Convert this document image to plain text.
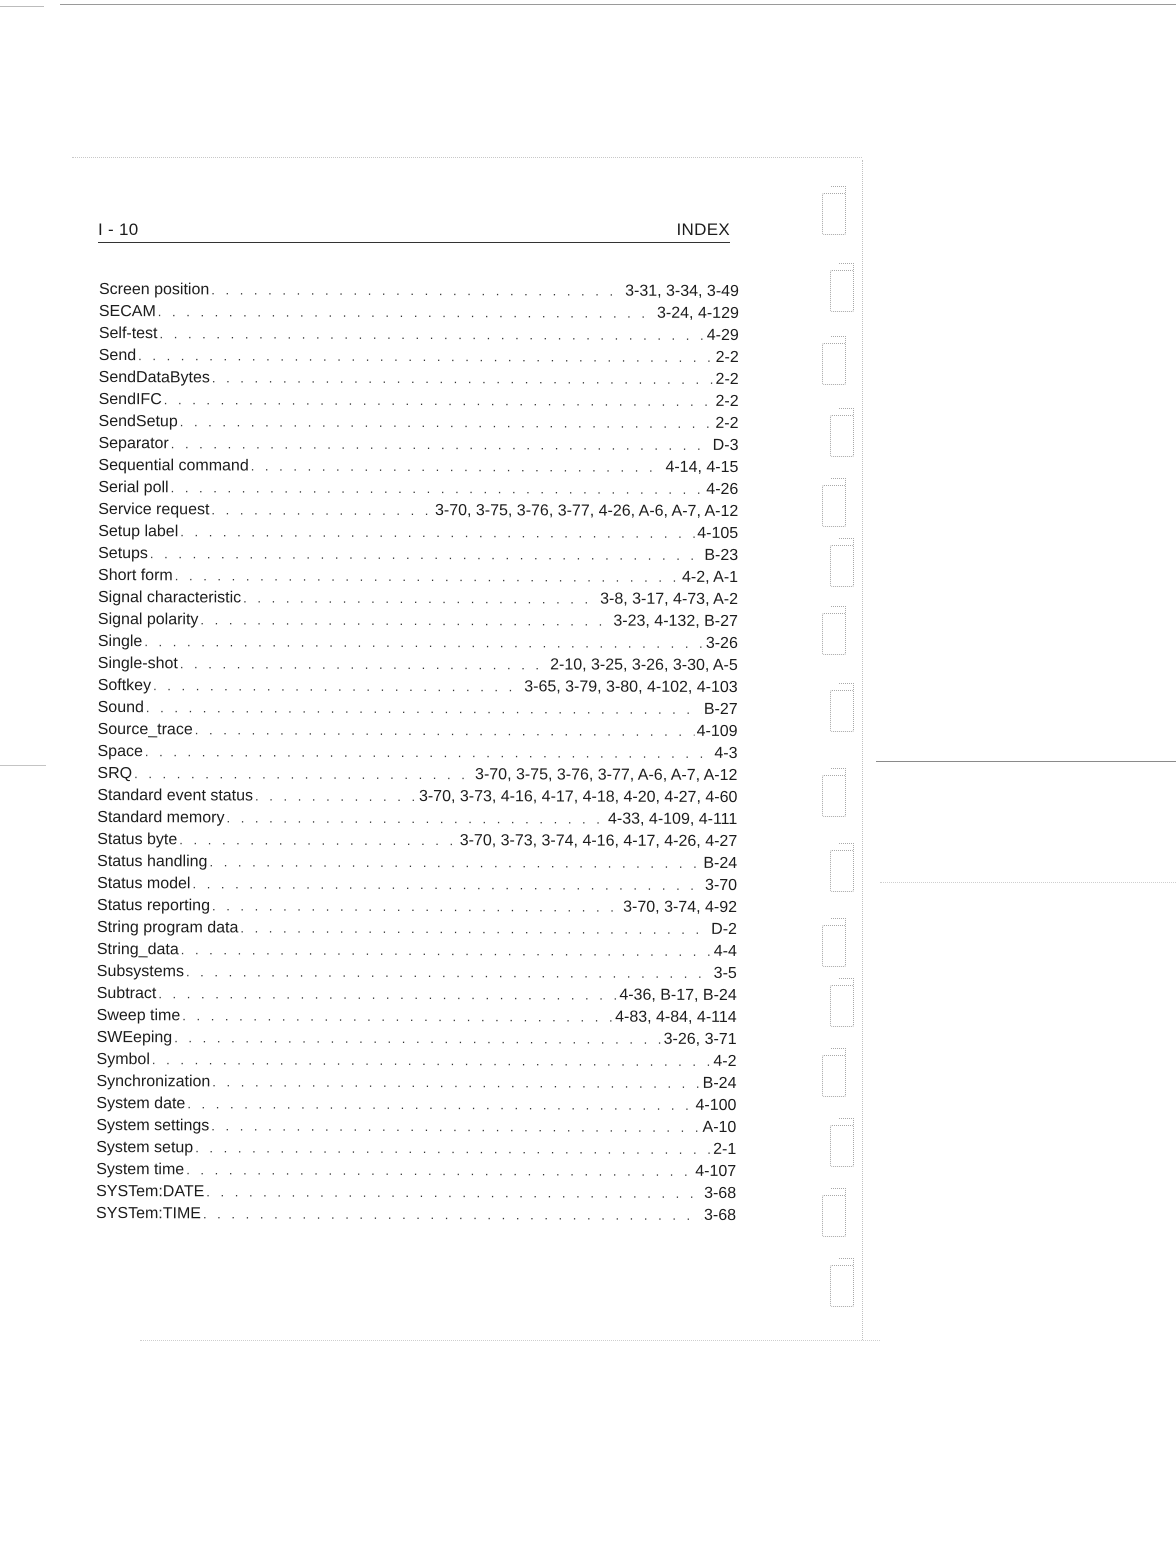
I - 10	INDEX
Screen position . . .	3-31, 3-34, 3-49
SECAM . . .	3-24, 4-129
Self-test . . .	4-29
Send . . .	2-2
SendDataBytes . . .	2-2
SendIFC . . .	2-2
SendSetup . . .	2-2
Separator . . .	D-3
Sequential command . . .	4-14, 4-15
Serial poll . . .	4-26
Service request . . .	3-70, 3-75, 3-76, 3-77, 4-26, A-6, A-7, A-12
Setup label . . .	4-105
Setups . . .	B-23
Short form . . .	4-2, A-1
Signal characteristic . . .	3-8, 3-17, 4-73, A-2
Signal polarity . . .	3-23, 4-132, B-27
Single . . .	3-26
Single-shot . . .	2-10, 3-25, 3-26, 3-30, A-5
Softkey . . .	3-65, 3-79, 3-80, 4-102, 4-103
Sound . . .	B-27
Source_trace . . .	4-109
Space . . .	4-3
SRQ . . .	3-70, 3-75, 3-76, 3-77, A-6, A-7, A-12
Standard event status . . .	3-70, 3-73, 4-16, 4-17, 4-18, 4-20, 4-27, 4-60
Standard memory . . .	4-33, 4-109, 4-111
Status byte . . .	3-70, 3-73, 3-74, 4-16, 4-17, 4-26, 4-27
Status handling . . .	B-24
Status model . . .	3-70
Status reporting . . .	3-70, 3-74, 4-92
String program data . . .	D-2
String_data . . .	4-4
Subsystems . . .	3-5
Subtract . . .	4-36, B-17, B-24
Sweep time . . .	4-83, 4-84, 4-114
SWEeping . . .	3-26, 3-71
Symbol . . .	4-2
Synchronization . . .	B-24
System date . . .	4-100
System settings . . .	A-10
System setup . . .	2-1
System time . . .	4-107
SYSTem:DATE . . .	3-68
SYSTem:TIME . . .	3-68
